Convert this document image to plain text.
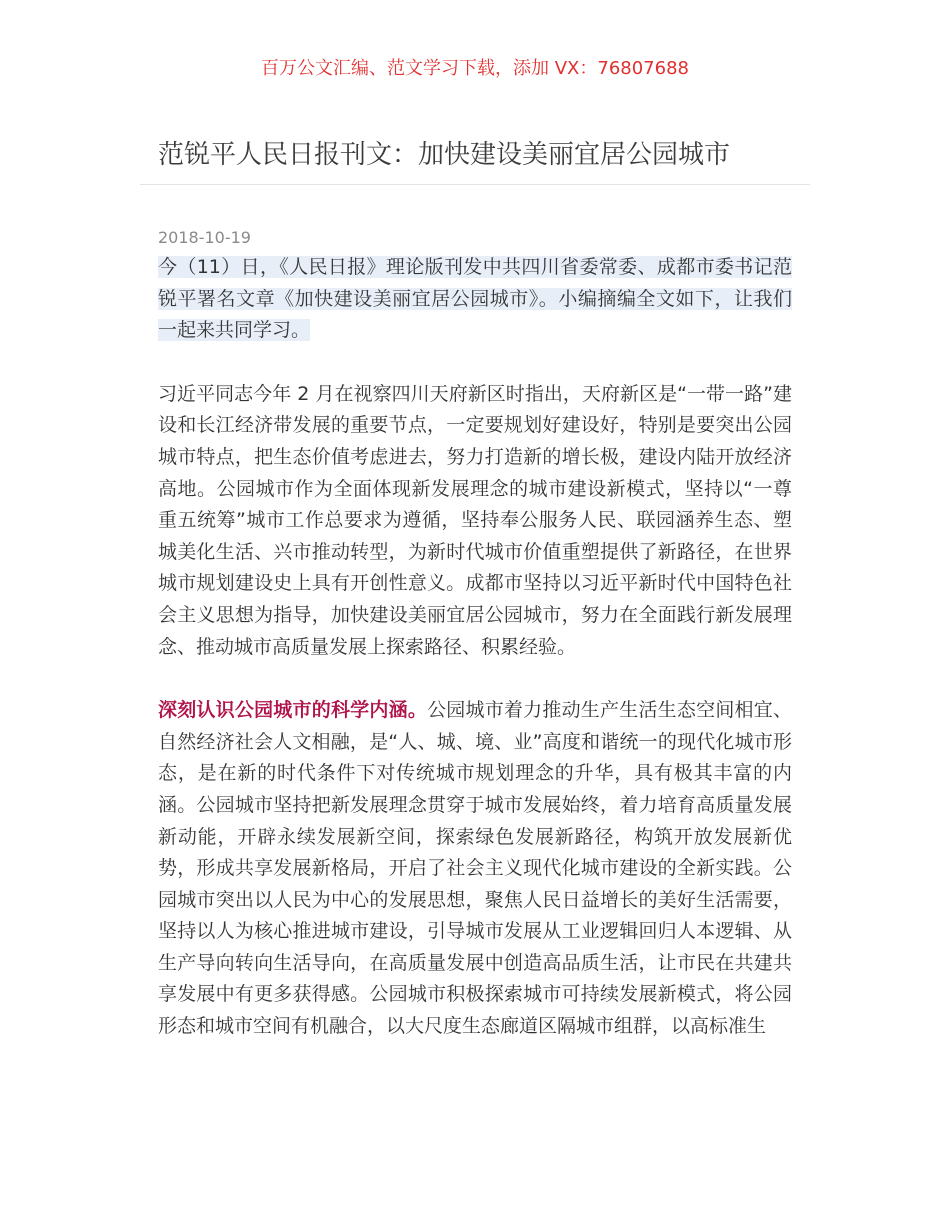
百万公文汇编、范文学习下载，添加 VX：76807688
范锐平人民日报刊文：加快建设美丽宜居公园城市
2018-10-19

今（11）日，《人民日报》理论版刊发中共四川省委常委、成都市委书记范锐平署名文章《加快建设美丽宜居公园城市》。小编摘编全文如下，让我们一起来共同学习。

习近平同志今年 2 月在视察四川天府新区时指出，天府新区是“一带一路”建设和长江经济带发展的重要节点，一定要规划好建设好，特别是要突出公园城市特点，把生态价值考虑进去，努力打造新的增长极，建设内陆开放经济高地。公园城市作为全面体现新发展理念的城市建设新模式，坚持以“一尊重五统筹”城市工作总要求为遵循，坚持奉公服务人民、联园涵养生态、塑城美化生活、兴市推动转型，为新时代城市价值重塑提供了新路径，在世界城市规划建设史上具有开创性意义。成都市坚持以习近平新时代中国特色社会主义思想为指导，加快建设美丽宜居公园城市，努力在全面践行新发展理念、推动城市高质量发展上探索路径、积累经验。

深刻认识公园城市的科学内涵。公园城市着力推动生产生活生态空间相宜、自然经济社会人文相融，是“人、城、境、业”高度和谐统一的现代化城市形态，是在新的时代条件下对传统城市规划理念的升华，具有极其丰富的内涵。公园城市坚持把新发展理念贯穿于城市发展始终，着力培育高质量发展新动能，开辟永续发展新空间，探索绿色发展新路径，构筑开放发展新优势，形成共享发展新格局，开启了社会主义现代化城市建设的全新实践。公园城市突出以人民为中心的发展思想，聚焦人民日益增长的美好生活需要，坚持以人为核心推进城市建设，引导城市发展从工业逻辑回归人本逻辑、从生产导向转向生活导向，在高质量发展中创造高品质生活，让市民在共建共享发展中有更多获得感。公园城市积极探索城市可持续发展新模式，将公园形态和城市空间有机融合，以大尺度生态廊道区隔城市组群，以高标准生
